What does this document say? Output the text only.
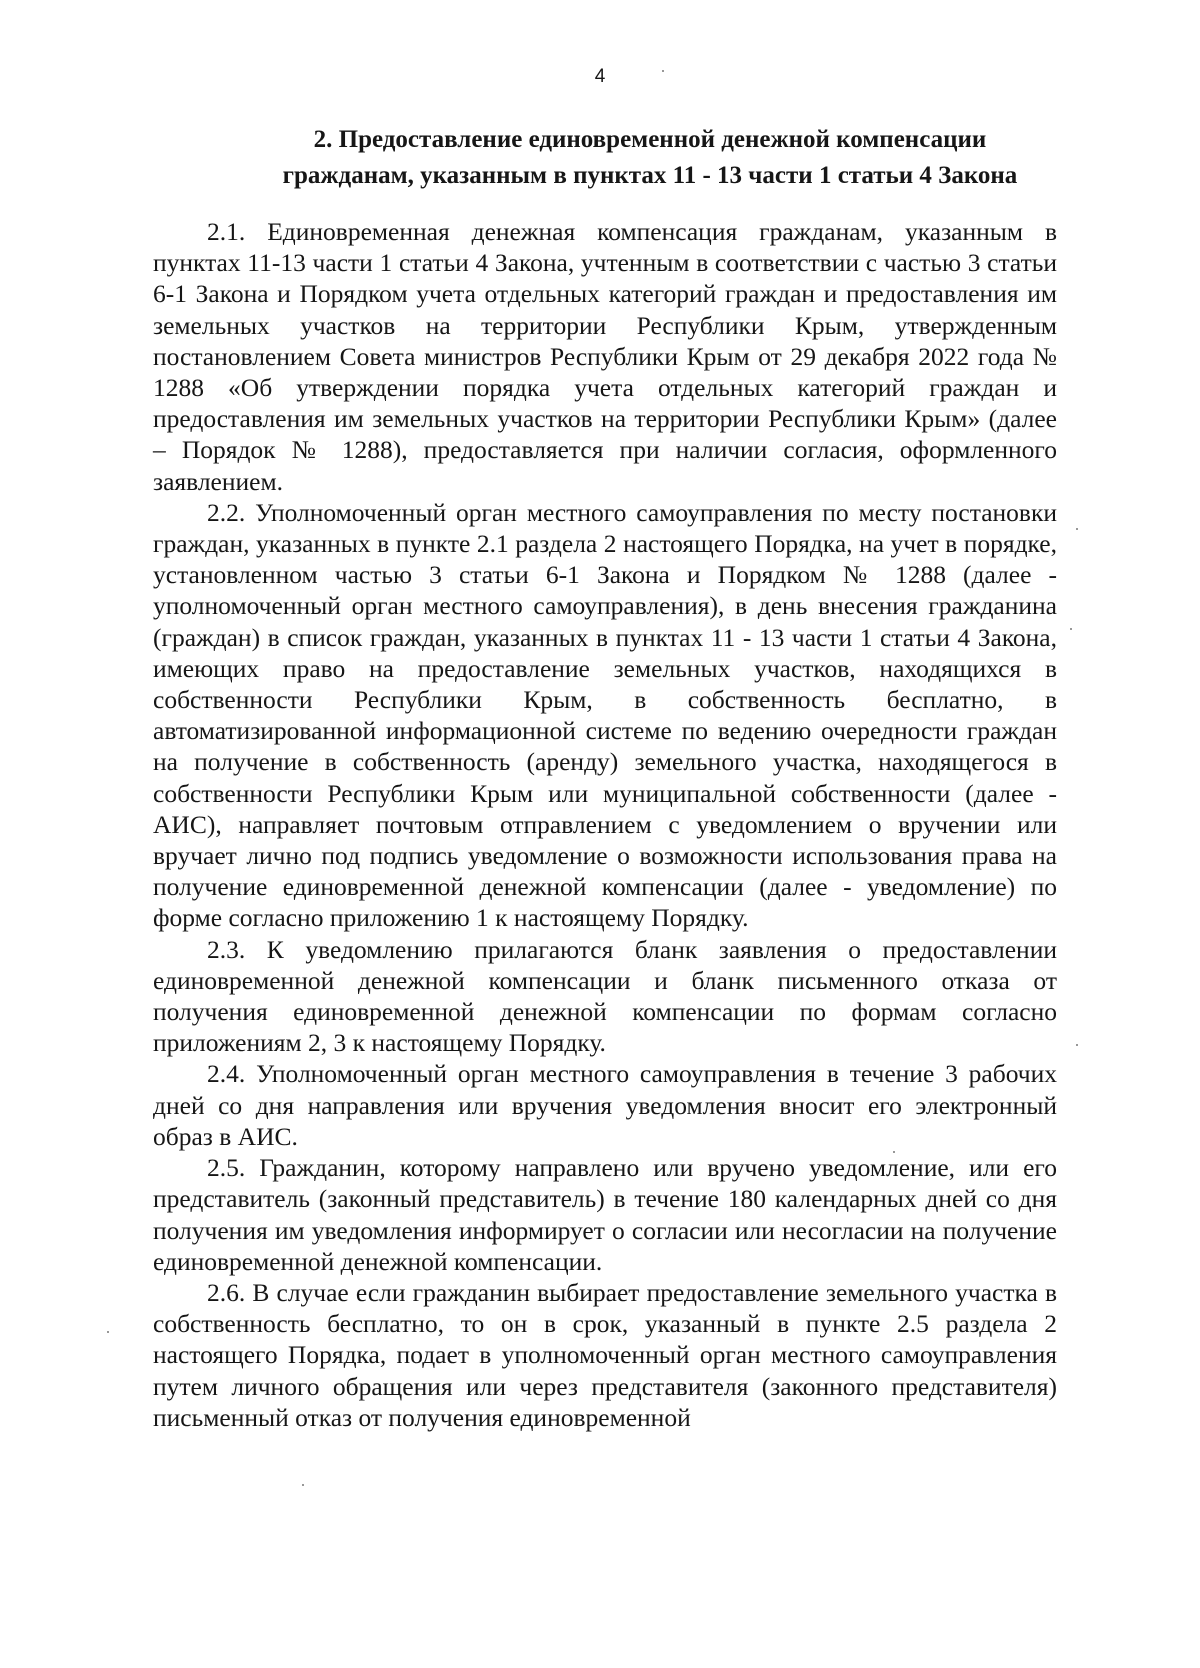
4
2. Предоставление единовременной денежной компенсации
гражданам, указанным в пунктах 11 - 13 части 1 статьи 4 Закона

2.1. Единовременная денежная компенсация гражданам, указанным в пунктах 11-13 части 1 статьи 4 Закона, учтенным в соответствии с частью 3 статьи 6-1 Закона и Порядком учета отдельных категорий граждан и предоставления им земельных участков на территории Республики Крым, утвержденным постановлением Совета министров Республики Крым от 29 декабря 2022 года № 1288 «Об утверждении порядка учета отдельных категорий граждан и предоставления им земельных участков на территории Республики Крым» (далее – Порядок № 1288), предоставляется при наличии согласия, оформленного заявлением.

2.2. Уполномоченный орган местного самоуправления по месту постановки граждан, указанных в пункте 2.1 раздела 2 настоящего Порядка, на учет в порядке, установленном частью 3 статьи 6-1 Закона и Порядком № 1288 (далее - уполномоченный орган местного самоуправления), в день внесения гражданина (граждан) в список граждан, указанных в пунктах 11 - 13 части 1 статьи 4 Закона, имеющих право на предоставление земельных участков, находящихся в собственности Республики Крым, в собственность бесплатно, в автоматизированной информационной системе по ведению очередности граждан на получение в собственность (аренду) земельного участка, находящегося в собственности Республики Крым или муниципальной собственности (далее - АИС), направляет почтовым отправлением с уведомлением о вручении или вручает лично под подпись уведомление о возможности использования права на получение единовременной денежной компенсации (далее - уведомление) по форме согласно приложению 1 к настоящему Порядку.

2.3. К уведомлению прилагаются бланк заявления о предоставлении единовременной денежной компенсации и бланк письменного отказа от получения единовременной денежной компенсации по формам согласно приложениям 2, 3 к настоящему Порядку.

2.4. Уполномоченный орган местного самоуправления в течение 3 рабочих дней со дня направления или вручения уведомления вносит его электронный образ в АИС.

2.5. Гражданин, которому направлено или вручено уведомление, или его представитель (законный представитель) в течение 180 календарных дней со дня получения им уведомления информирует о согласии или несогласии на получение единовременной денежной компенсации.

2.6. В случае если гражданин выбирает предоставление земельного участка в собственность бесплатно, то он в срок, указанный в пункте 2.5 раздела 2 настоящего Порядка, подает в уполномоченный орган местного самоуправления путем личного обращения или через представителя (законного представителя) письменный отказ от получения единовременной
